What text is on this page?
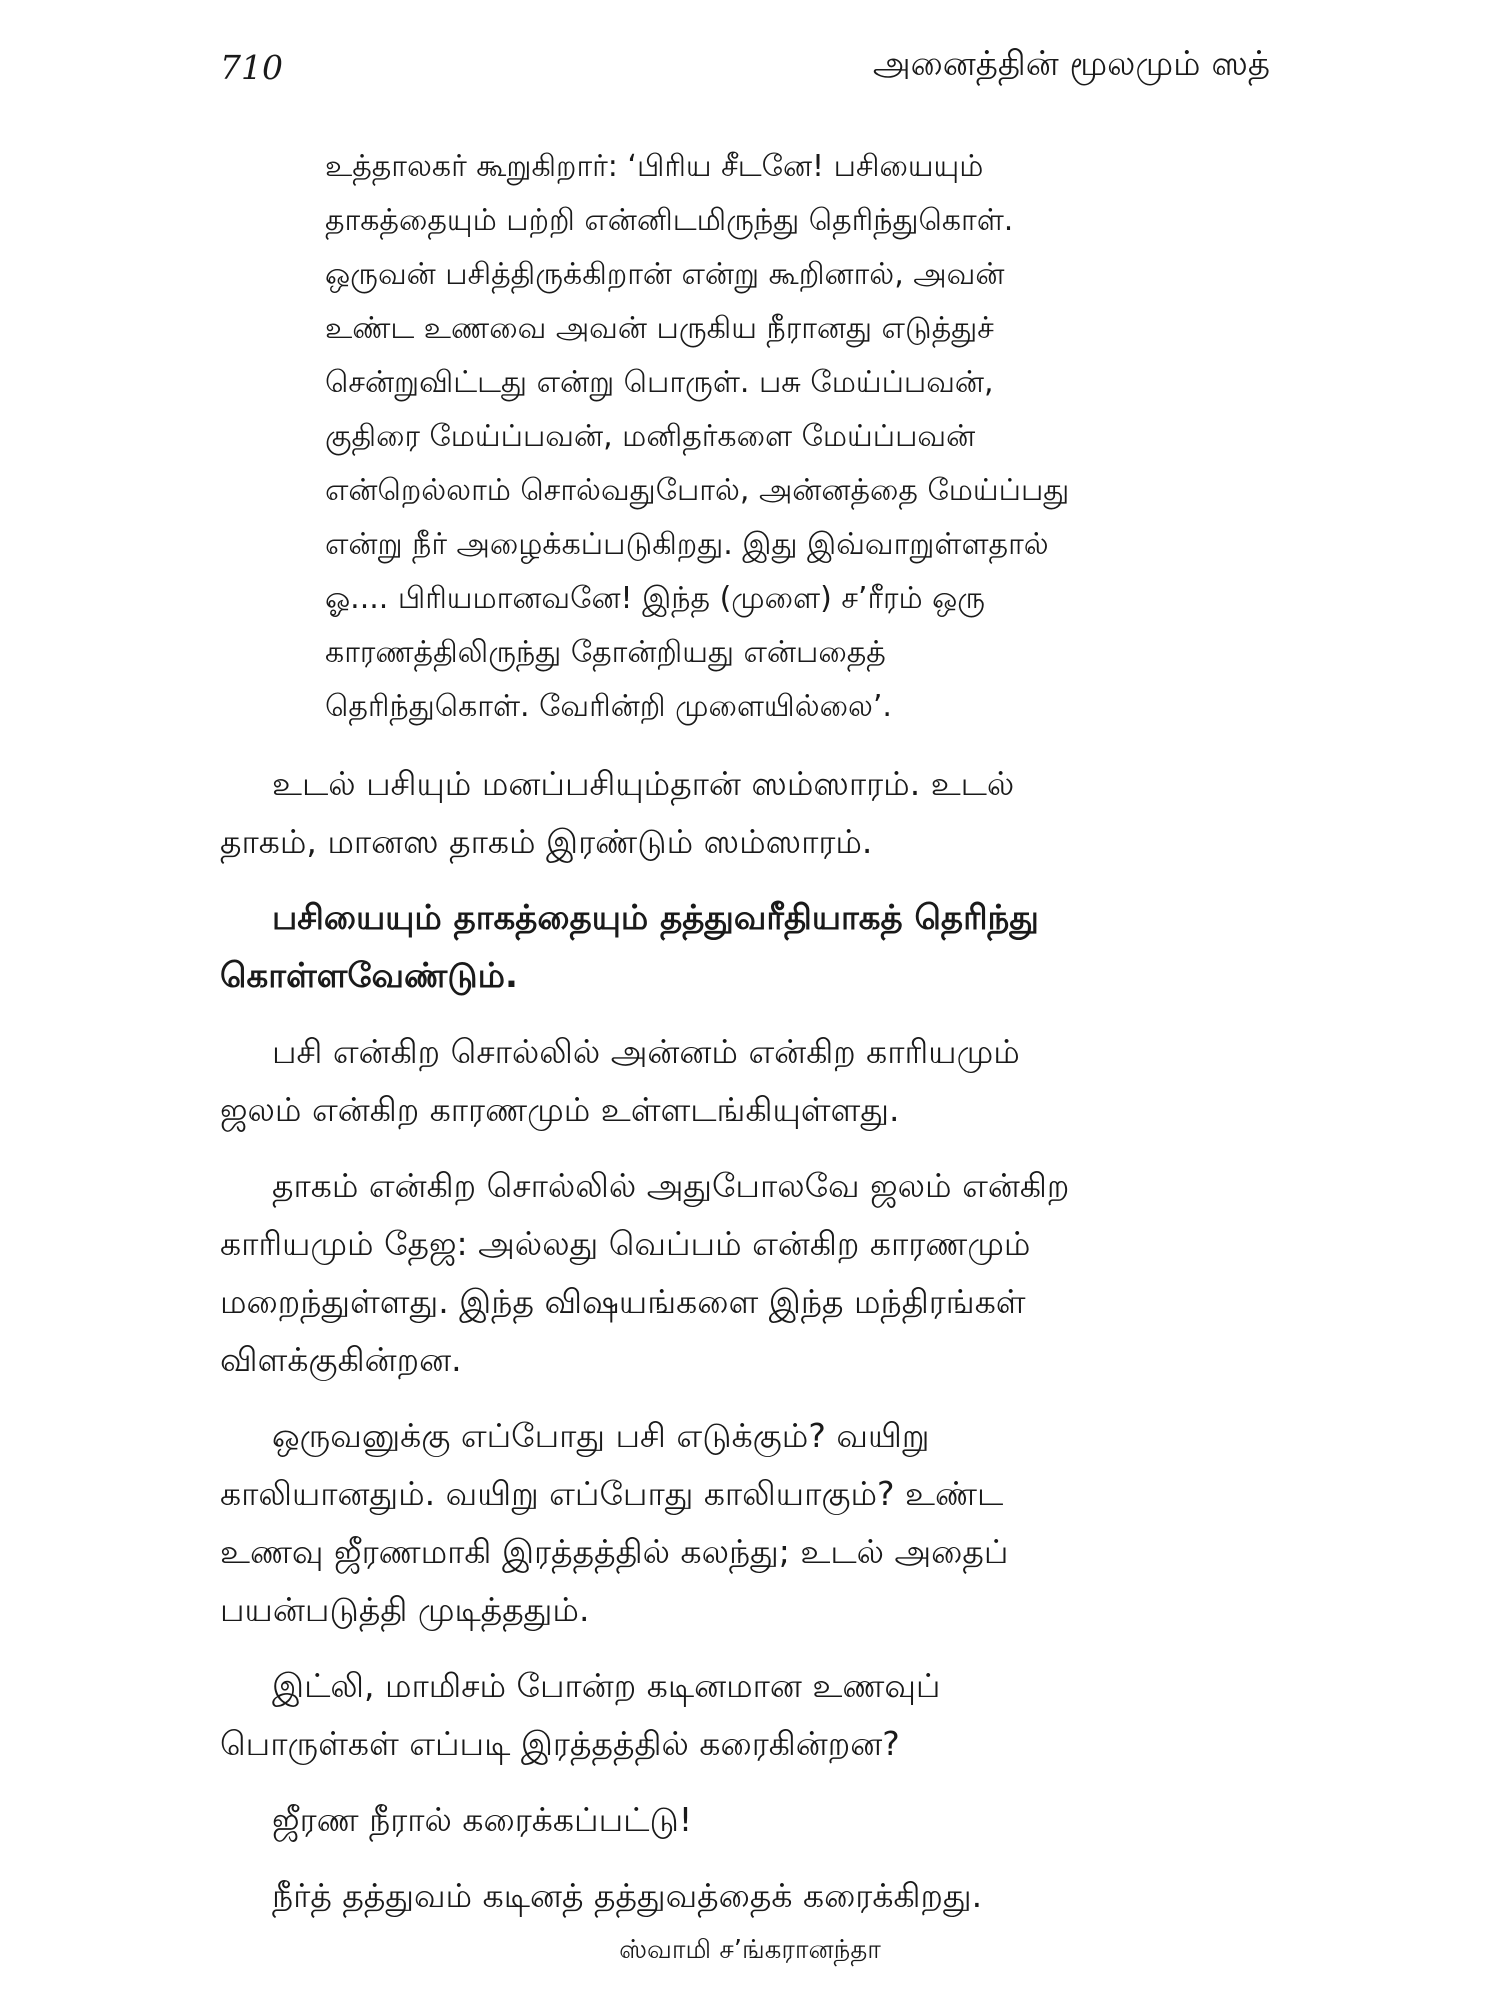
710	அனைத்தின் மூலமும் ஸத்
உத்தாலகர் கூறுகிறார்: ‘பிரிய சீடனே! பசியையும்
தாகத்தையும் பற்றி என்னிடமிருந்து தெரிந்துகொள்.
ஒருவன் பசித்திருக்கிறான் என்று கூறினால், அவன்
உண்ட உணவை அவன் பருகிய நீரானது எடுத்துச்
சென்றுவிட்டது என்று பொருள். பசு மேய்ப்பவன்,
குதிரை மேய்ப்பவன், மனிதர்களை மேய்ப்பவன்
என்றெல்லாம் சொல்வதுபோல், அன்னத்தை மேய்ப்பது
என்று நீர் அழைக்கப்படுகிறது. இது இவ்வாறுள்ளதால்
ஓ.... பிரியமானவனே! இந்த (முளை) ச’ரீரம் ஒரு
காரணத்திலிருந்து தோன்றியது என்பதைத்
தெரிந்துகொள். வேரின்றி முளையில்லை’.

உடல் பசியும் மனப்பசியும்தான் ஸம்ஸாரம். உடல்
தாகம், மானஸ தாகம் இரண்டும் ஸம்ஸாரம்.

பசியையும் தாகத்தையும் தத்துவரீதியாகத் தெரிந்து
கொள்ளவேண்டும்.

பசி என்கிற சொல்லில் அன்னம் என்கிற காரியமும்
ஜலம் என்கிற காரணமும் உள்ளடங்கியுள்ளது.

தாகம் என்கிற சொல்லில் அதுபோலவே ஜலம் என்கிற
காரியமும் தேஜ: அல்லது வெப்பம் என்கிற காரணமும்
மறைந்துள்ளது. இந்த விஷயங்களை இந்த மந்திரங்கள்
விளக்குகின்றன.

ஒருவனுக்கு எப்போது பசி எடுக்கும்? வயிறு
காலியானதும். வயிறு எப்போது காலியாகும்? உண்ட
உணவு ஜீரணமாகி இரத்தத்தில் கலந்து; உடல் அதைப்
பயன்படுத்தி முடித்ததும்.

இட்லி, மாமிசம் போன்ற கடினமான உணவுப்
பொருள்கள் எப்படி இரத்தத்தில் கரைகின்றன?

ஜீரண நீரால் கரைக்கப்பட்டு!

நீர்த் தத்துவம் கடினத் தத்துவத்தைக் கரைக்கிறது.

ஸ்வாமி ச’ங்கரானந்தா
